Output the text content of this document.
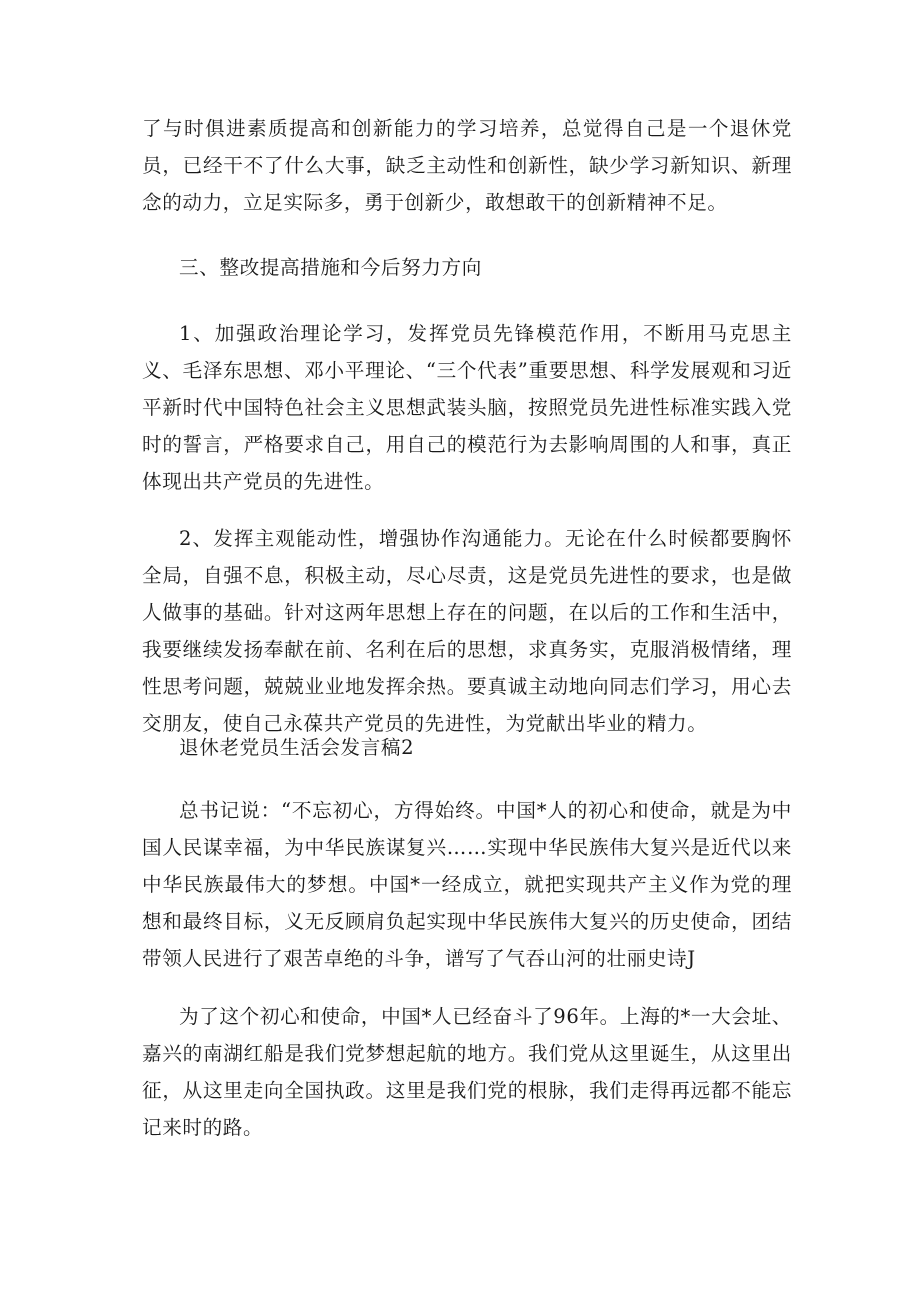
了与时俱进素质提高和创新能力的学习培养，总觉得自己是一个退休党员，已经干不了什么大事，缺乏主动性和创新性，缺少学习新知识、新理念的动力，立足实际多，勇于创新少，敢想敢干的创新精神不足。

三、整改提高措施和今后努力方向

1、加强政治理论学习，发挥党员先锋模范作用，不断用马克思主义、毛泽东思想、邓小平理论、“三个代表”重要思想、科学发展观和习近平新时代中国特色社会主义思想武装头脑，按照党员先进性标准实践入党时的誓言，严格要求自己，用自己的模范行为去影响周围的人和事，真正体现出共产党员的先进性。

2、发挥主观能动性，增强协作沟通能力。无论在什么时候都要胸怀全局，自强不息，积极主动，尽心尽责，这是党员先进性的要求，也是做人做事的基础。针对这两年思想上存在的问题，在以后的工作和生活中，我要继续发扬奉献在前、名利在后的思想，求真务实，克服消极情绪，理性思考问题，兢兢业业地发挥余热。要真诚主动地向同志们学习，用心去交朋友，使自己永葆共产党员的先进性，为党献出毕业的精力。

退休老党员生活会发言稿2

总书记说：“不忘初心，方得始终。中国*人的初心和使命，就是为中国人民谋幸福，为中华民族谋复兴……实现中华民族伟大复兴是近代以来中华民族最伟大的梦想。中国*一经成立，就把实现共产主义作为党的理想和最终目标，义无反顾肩负起实现中华民族伟大复兴的历史使命，团结带领人民进行了艰苦卓绝的斗争，谱写了气吞山河的壮丽史诗J

为了这个初心和使命，中国*人已经奋斗了96年。上海的*一大会址、嘉兴的南湖红船是我们党梦想起航的地方。我们党从这里诞生，从这里出征，从这里走向全国执政。这里是我们党的根脉，我们走得再远都不能忘记来时的路。
